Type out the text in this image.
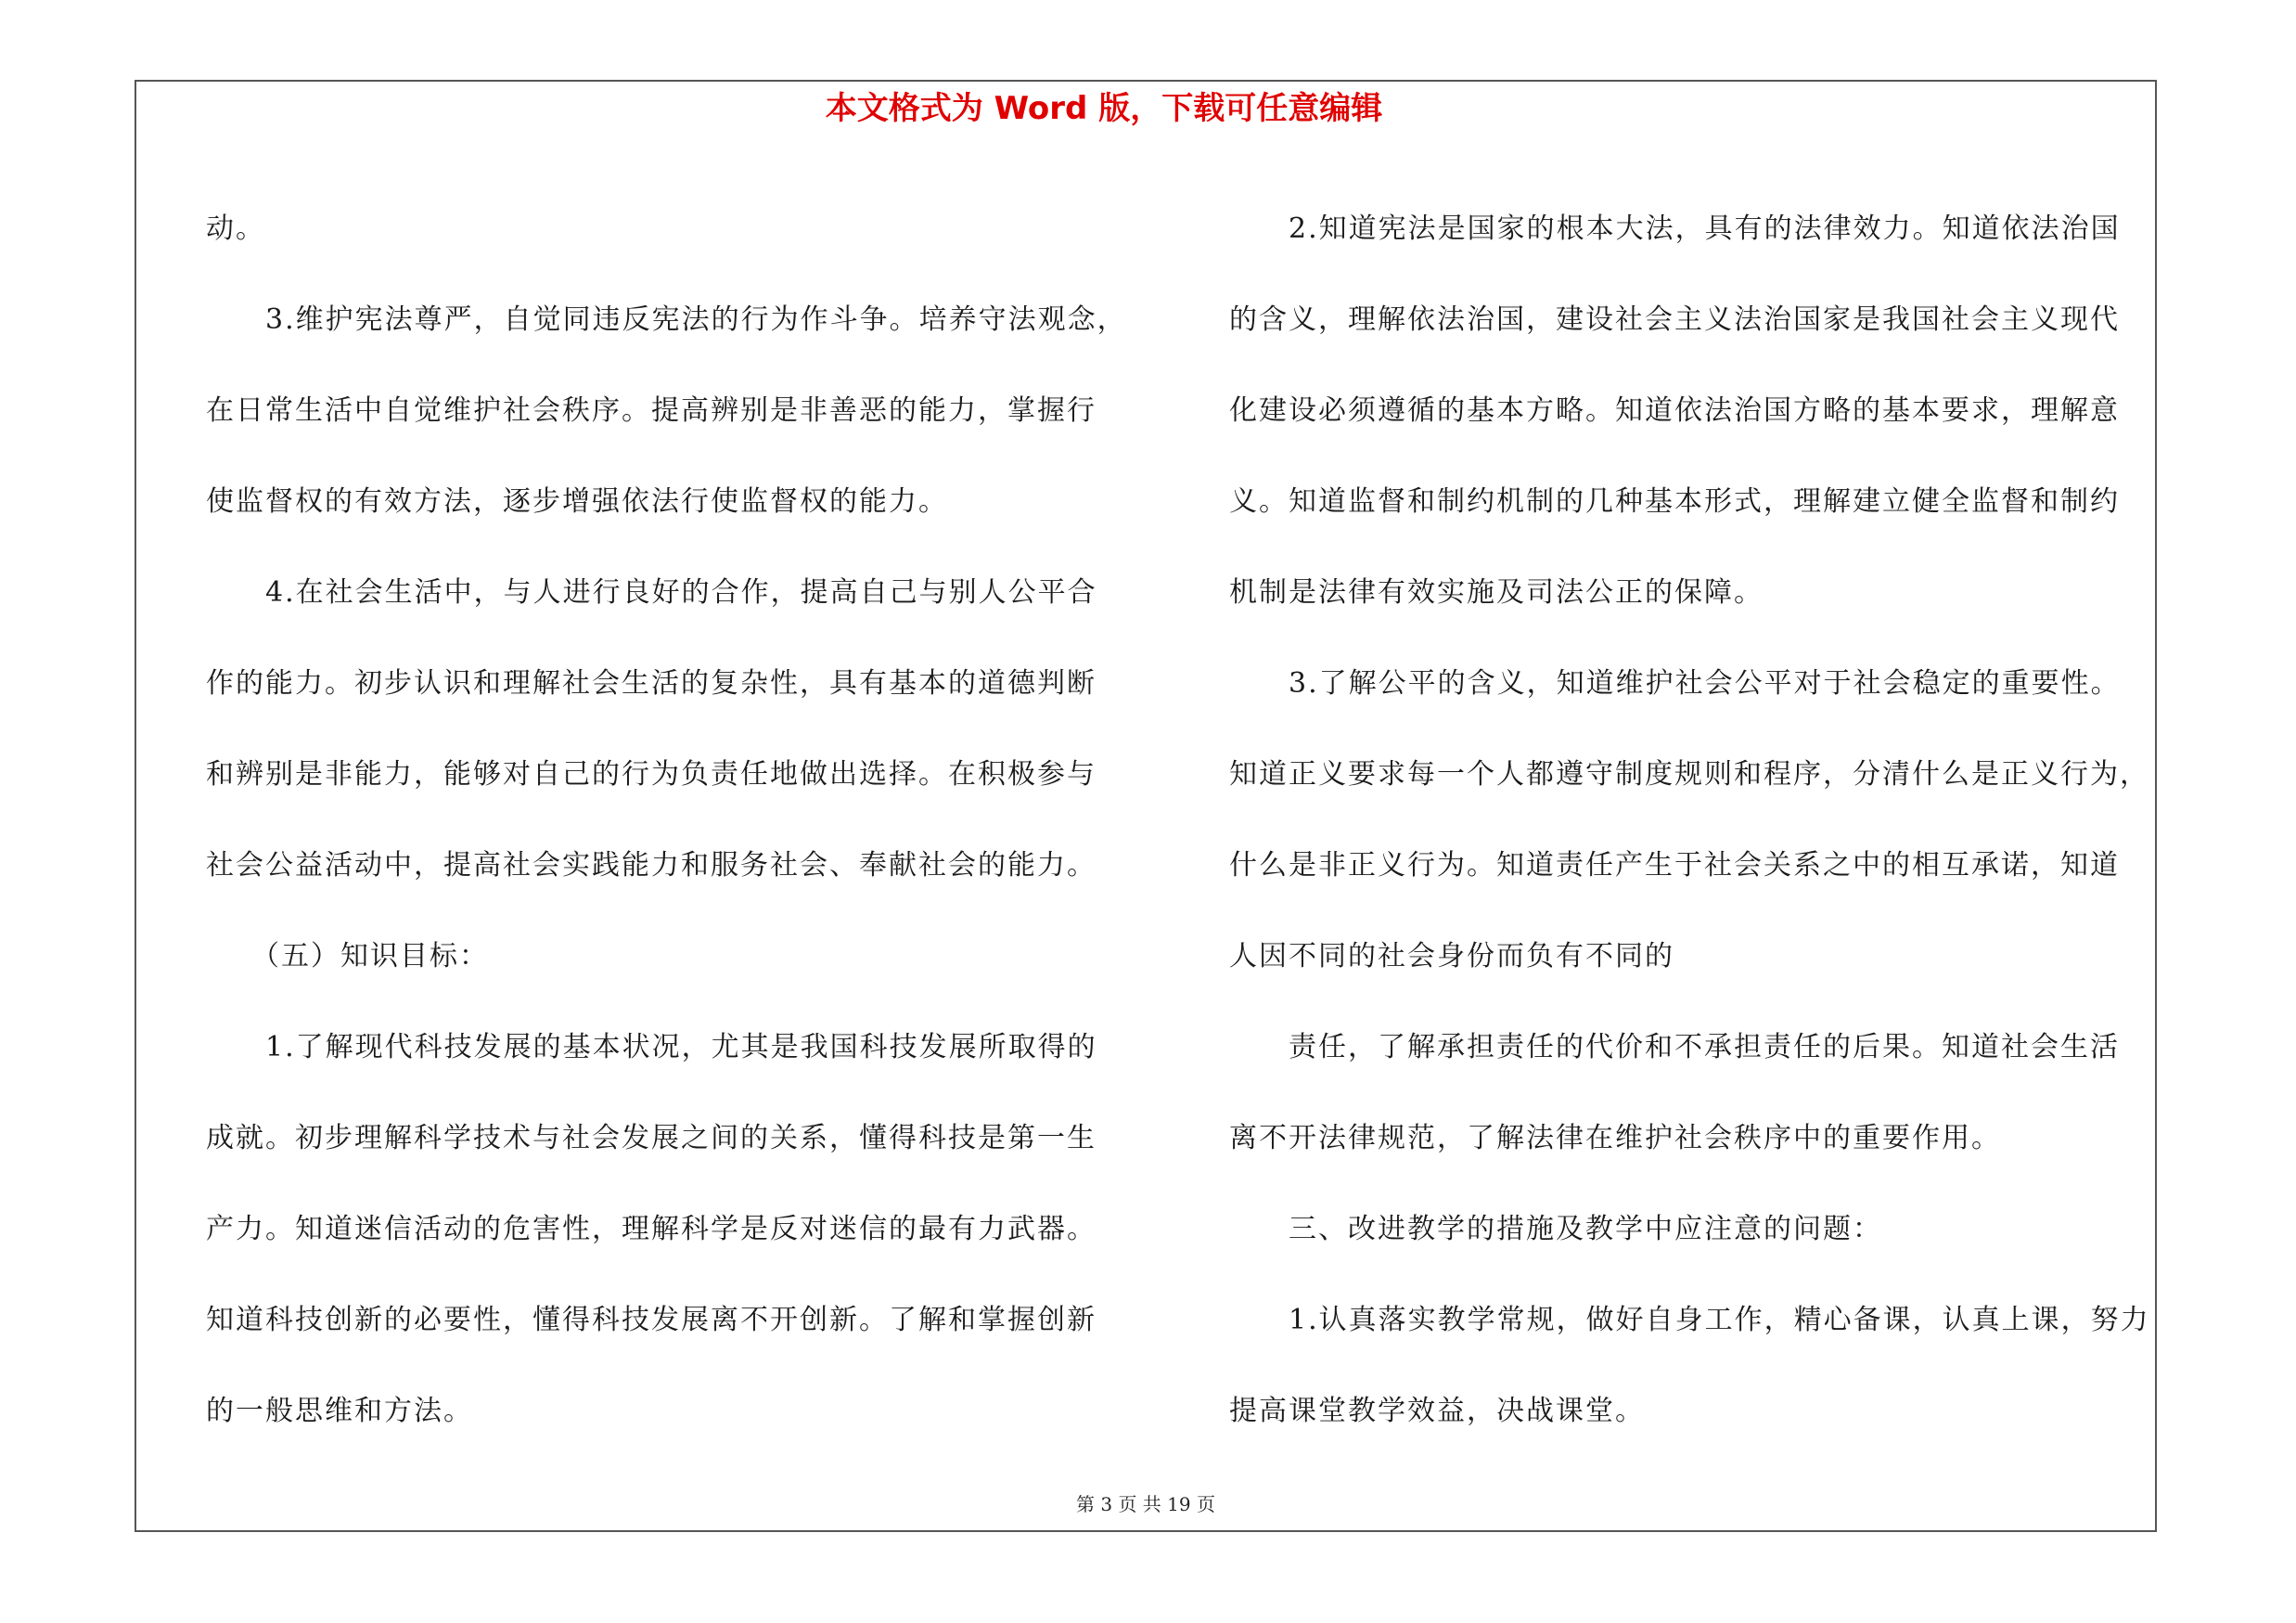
本文格式为 Word 版，下载可任意编辑

动。

　　3.维护宪法尊严，自觉同违反宪法的行为作斗争。培养守法观念，

在日常生活中自觉维护社会秩序。提高辨别是非善恶的能力，掌握行

使监督权的有效方法，逐步增强依法行使监督权的能力。

　　4.在社会生活中，与人进行良好的合作，提高自己与别人公平合

作的能力。初步认识和理解社会生活的复杂性，具有基本的道德判断

和辨别是非能力，能够对自己的行为负责任地做出选择。在积极参与

社会公益活动中，提高社会实践能力和服务社会、奉献社会的能力。

　　（五）知识目标：

　　1.了解现代科技发展的基本状况，尤其是我国科技发展所取得的

成就。初步理解科学技术与社会发展之间的关系，懂得科技是第一生

产力。知道迷信活动的危害性，理解科学是反对迷信的最有力武器。

知道科技创新的必要性，懂得科技发展离不开创新。了解和掌握创新

的一般思维和方法。

　　2.知道宪法是国家的根本大法，具有的法律效力。知道依法治国

的含义，理解依法治国，建设社会主义法治国家是我国社会主义现代

化建设必须遵循的基本方略。知道依法治国方略的基本要求，理解意

义。知道监督和制约机制的几种基本形式，理解建立健全监督和制约

机制是法律有效实施及司法公正的保障。

　　3.了解公平的含义，知道维护社会公平对于社会稳定的重要性。

知道正义要求每一个人都遵守制度规则和程序，分清什么是正义行为，

什么是非正义行为。知道责任产生于社会关系之中的相互承诺，知道

人因不同的社会身份而负有不同的

　　责任，了解承担责任的代价和不承担责任的后果。知道社会生活

离不开法律规范，了解法律在维护社会秩序中的重要作用。

　　三、改进教学的措施及教学中应注意的问题：

　　1.认真落实教学常规，做好自身工作，精心备课，认真上课，努力

提高课堂教学效益，决战课堂。

第 3 页 共 19 页
